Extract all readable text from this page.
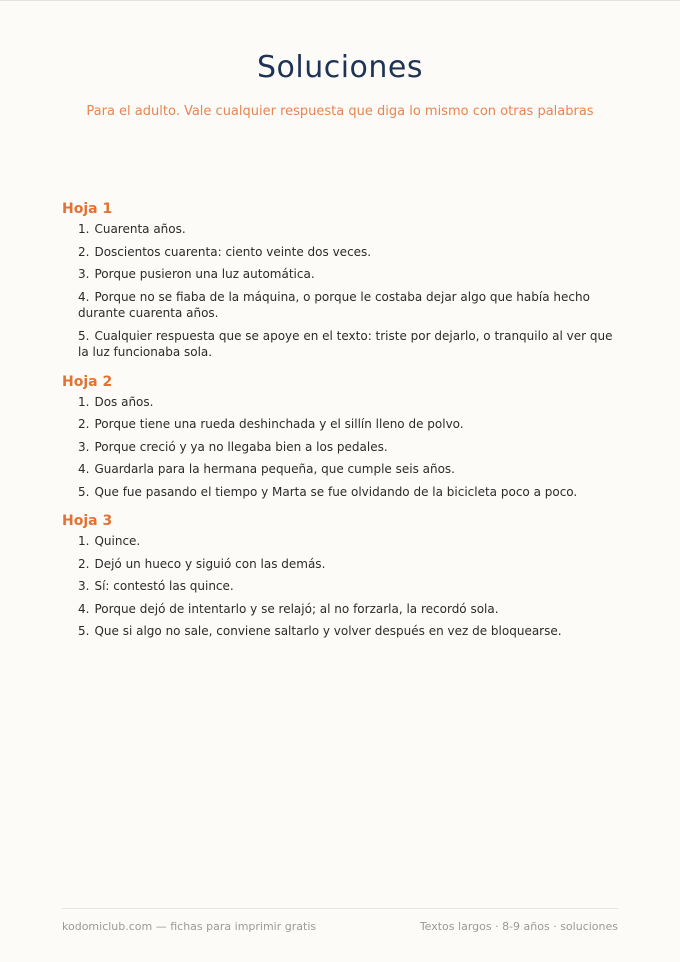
Soluciones

Para el adulto. Vale cualquier respuesta que diga lo mismo con otras palabras

Hoja 1
1. Cuarenta años.
2. Doscientos cuarenta: ciento veinte dos veces.
3. Porque pusieron una luz automática.
4. Porque no se fiaba de la máquina, o porque le costaba dejar algo que había hecho durante cuarenta años.
5. Cualquier respuesta que se apoye en el texto: triste por dejarlo, o tranquilo al ver que la luz funcionaba sola.
Hoja 2
1. Dos años.
2. Porque tiene una rueda deshinchada y el sillín lleno de polvo.
3. Porque creció y ya no llegaba bien a los pedales.
4. Guardarla para la hermana pequeña, que cumple seis años.
5. Que fue pasando el tiempo y Marta se fue olvidando de la bicicleta poco a poco.
Hoja 3
1. Quince.
2. Dejó un hueco y siguió con las demás.
3. Sí: contestó las quince.
4. Porque dejó de intentarlo y se relajó; al no forzarla, la recordó sola.
5. Que si algo no sale, conviene saltarlo y volver después en vez de bloquearse.
kodomiclub.com — fichas para imprimir gratis	Textos largos · 8-9 años · soluciones
